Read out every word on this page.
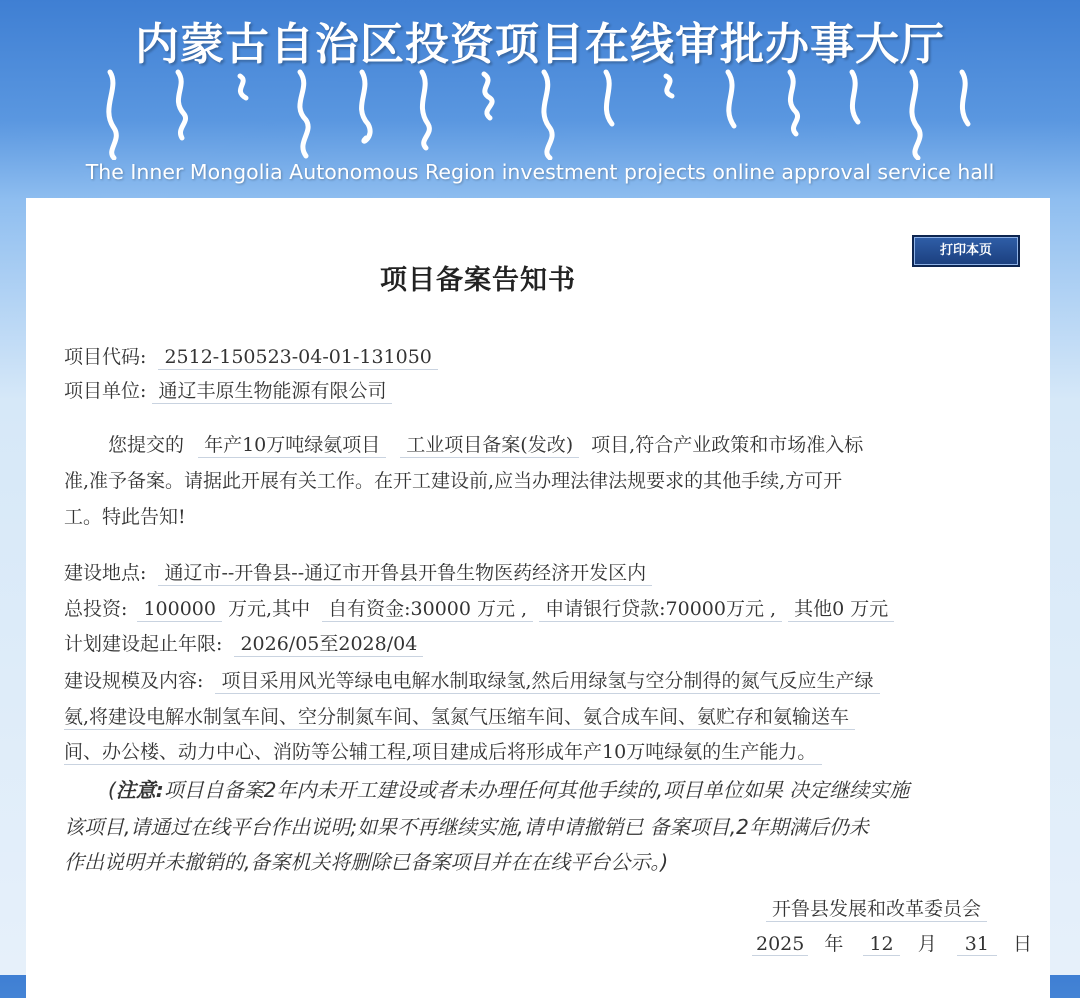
内蒙古自治区投资项目在线审批办事大厅
The Inner Mongolia Autonomous Region investment projects online approval service hall
打印本页
项目备案告知书
项目代码: 2512-150523-04-01-131050
项目单位: 通辽丰原生物能源有限公司
您提交的 年产10万吨绿氨项目 工业项目备案(发改) 项目,符合产业政策和市场准入标
准,准予备案。请据此开展有关工作。在开工建设前,应当办理法律法规要求的其他手续,方可开
工。特此告知!
建设地点: 通辽市--开鲁县--通辽市开鲁县开鲁生物医药经济开发区内
总投资: 100000 万元,其中 自有资金:30000 万元 , 申请银行贷款:70000万元 , 其他0 万元
计划建设起止年限: 2026/05至2028/04
建设规模及内容: 项目采用风光等绿电电解水制取绿氢,然后用绿氢与空分制得的氮气反应生产绿
氨,将建设电解水制氢车间、空分制氮车间、氢氮气压缩车间、氨合成车间、氨贮存和氨输送车
间、办公楼、动力中心、消防等公辅工程,项目建成后将形成年产10万吨绿氨的生产能力。
(注意:项目自备案2年内未开工建设或者未办理任何其他手续的,项目单位如果 决定继续实施
该项目,请通过在线平台作出说明;如果不再继续实施,请申请撤销已 备案项目,2年期满后仍未
作出说明并未撤销的,备案机关将删除已备案项目并在在线平台公示。)
开鲁县发展和改革委员会
2025 年 12 月 31 日
